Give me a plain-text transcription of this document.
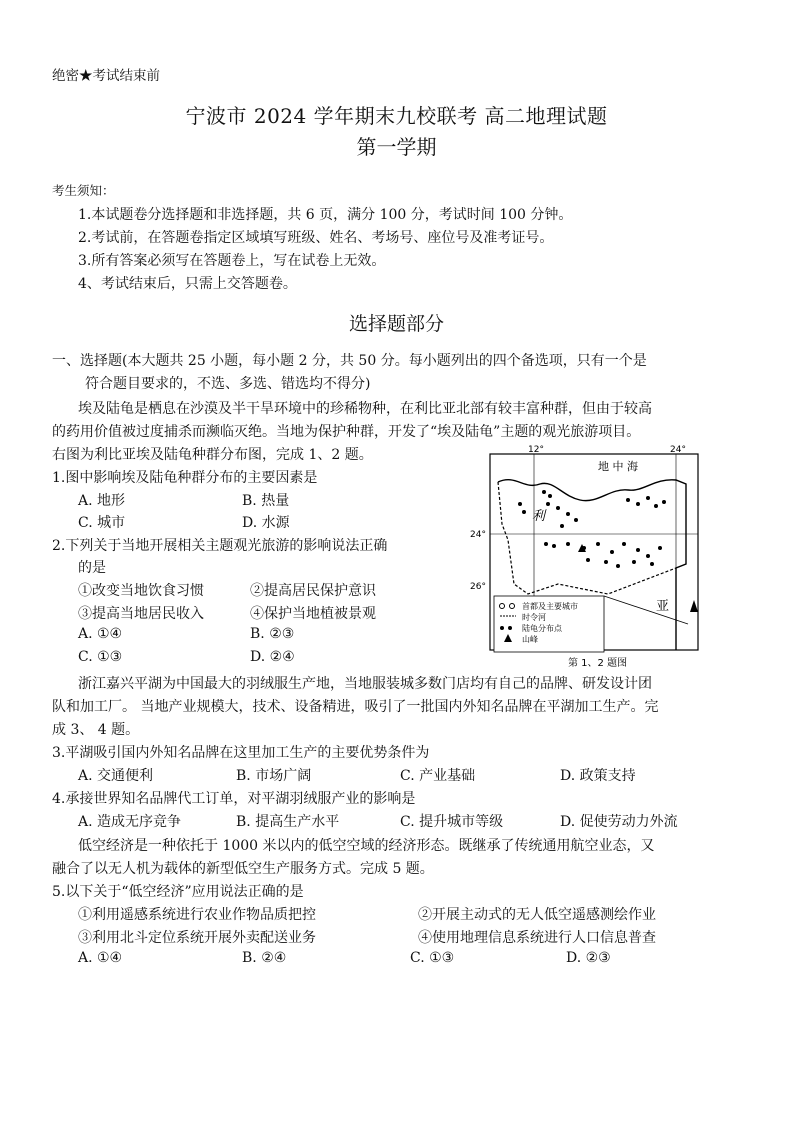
绝密★考试结束前
宁波市 2024 学年期末九校联考 高二地理试题
第一学期
考生须知：
1.本试题卷分选择题和非选择题，共 6 页，满分 100 分，考试时间 100 分钟。
2.考试前，在答题卷指定区域填写班级、姓名、考场号、座位号及准考证号。
3.所有答案必须写在答题卷上，写在试卷上无效。
4、考试结束后，只需上交答题卷。
选择题部分
一、选择题(本大题共 25 小题，每小题 2 分，共 50 分。每小题列出的四个备选项，只有一个是
符合题目要求的，不选、多选、错选均不得分)
埃及陆龟是栖息在沙漠及半干旱环境中的珍稀物种，在利比亚北部有较丰富种群，但由于较高
的药用价值被过度捕杀而濒临灭绝。当地为保护种群，开发了“埃及陆龟”主题的观光旅游项目。
右图为利比亚埃及陆龟种群分布图，完成 1、2 题。
1.图中影响埃及陆龟种群分布的主要因素是
A. 地形	B. 热量
C. 城市	D. 水源
2.下列关于当地开展相关主题观光旅游的影响说法正确
的是
①改变当地饮食习惯	②提高居民保护意识
③提高当地居民收入	④保护当地植被景观
A. ①④	B. ②③
C. ①③	D. ②④
12°	24°
24°
26°
地 中 海
利
亚
首都及主要城市
时令河
陆龟分布点
山峰
第 1、2 题图
浙江嘉兴平湖为中国最大的羽绒服生产地，当地服装城多数门店均有自己的品牌、研发设计团
队和加工厂。 当地产业规模大，技术、设备精进，吸引了一批国内外知名品牌在平湖加工生产。完
成 3、 4 题。
3.平湖吸引国内外知名品牌在这里加工生产的主要优势条件为
A. 交通便利	B. 市场广阔	C. 产业基础	D. 政策支持
4.承接世界知名品牌代工订单，对平湖羽绒服产业的影响是
A. 造成无序竞争	B. 提高生产水平	C. 提升城市等级	D. 促使劳动力外流
低空经济是一种依托于 1000 米以内的低空空域的经济形态。既继承了传统通用航空业态，又
融合了以无人机为载体的新型低空生产服务方式。完成 5 题。
5.以下关于“低空经济”应用说法正确的是
①利用遥感系统进行农业作物品质把控	②开展主动式的无人低空遥感测绘作业
③利用北斗定位系统开展外卖配送业务	④使用地理信息系统进行人口信息普查
A. ①④	B. ②④	C. ①③	D. ②③
